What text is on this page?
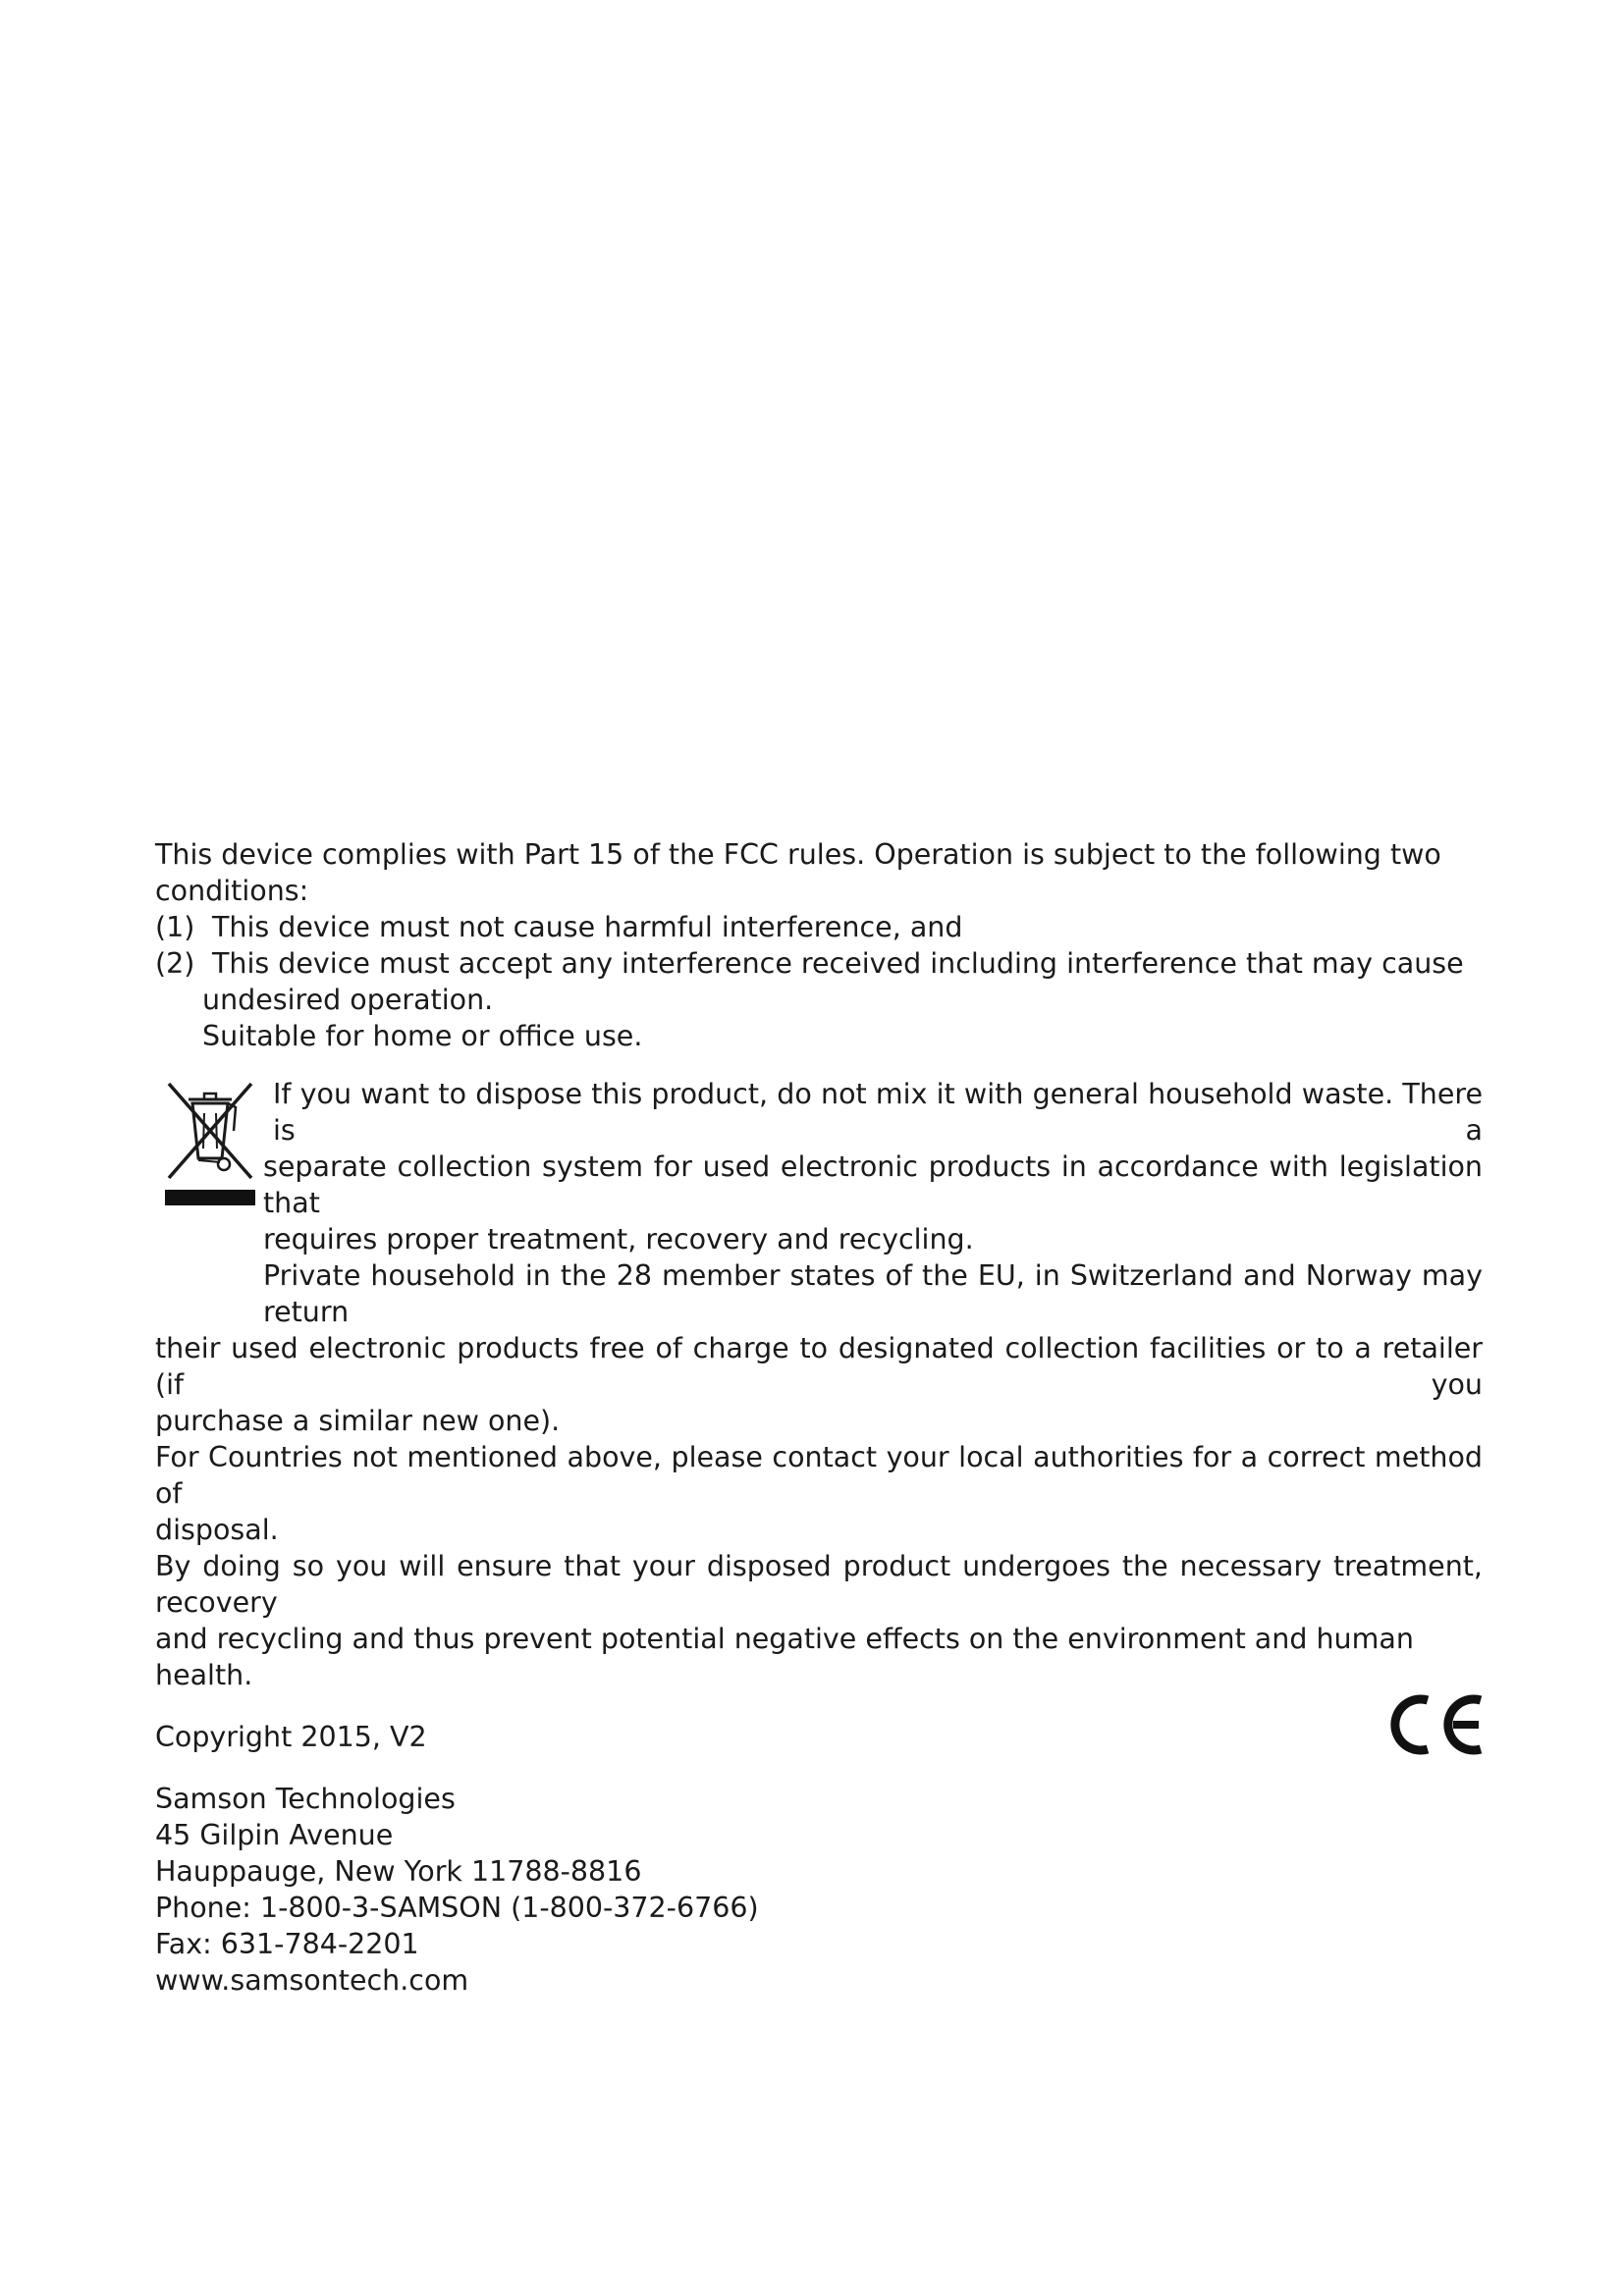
This device complies with Part 15 of the FCC rules. Operation is subject to the following two
conditions:
(1) This device must not cause harmful interference, and
(2) This device must accept any interference received including interference that may cause
undesired operation.
Suitable for home or office use.
If you want to dispose this product, do not mix it with general household waste. There is a
separate collection system for used electronic products in accordance with legislation that
requires proper treatment, recovery and recycling.
Private household in the 28 member states of the EU, in Switzerland and Norway may return
their used electronic products free of charge to designated collection facilities or to a retailer (if you
purchase a similar new one).
For Countries not mentioned above, please contact your local authorities for a correct method of
disposal.
By doing so you will ensure that your disposed product undergoes the necessary treatment, recovery
and recycling and thus prevent potential negative effects on the environment and human health.
Copyright 2015, V2
Samson Technologies
45 Gilpin Avenue
Hauppauge, New York 11788-8816
Phone: 1-800-3-SAMSON (1-800-372-6766)
Fax: 631-784-2201
www.samsontech.com
